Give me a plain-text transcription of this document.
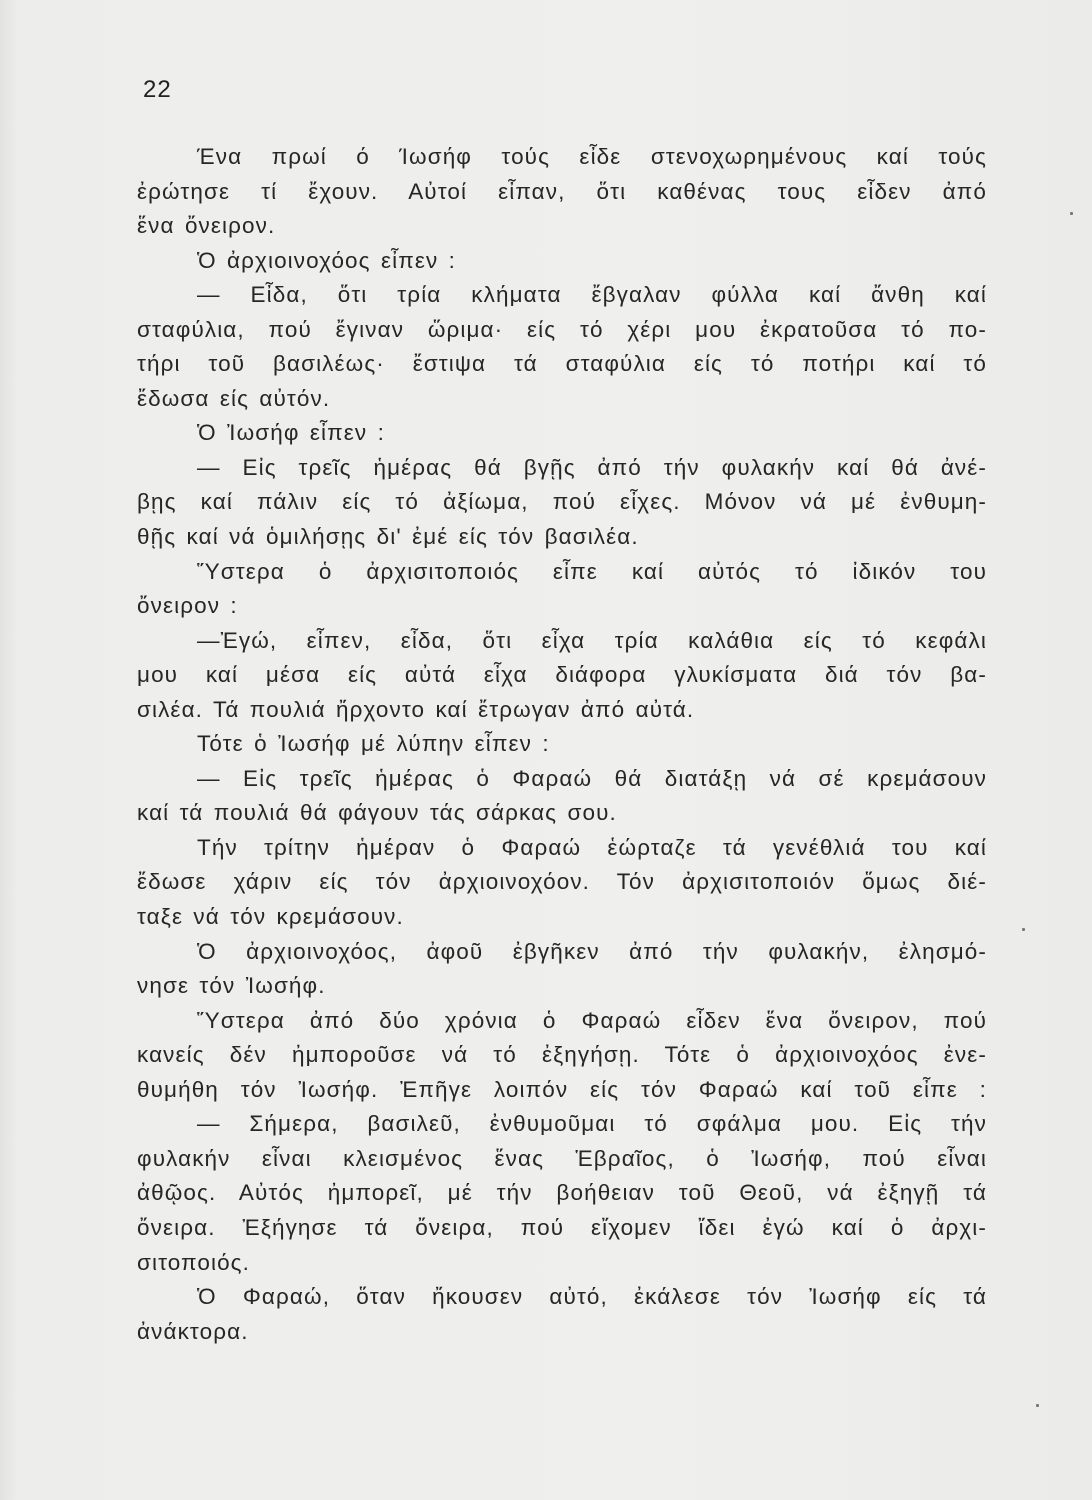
22
Ένα πρωί ό Ίωσήφ τούς εἶδε στενοχωρημένους καί τούς
ἐρώτησε τί ἔχουν. Αὐτοί εἶπαν, ὅτι καθένας τους εἶδεν ἀπό
ἕνα ὄνειρον.
Ὁ ἀρχιοινοχόος εἶπεν :
— Εἶδα, ὅτι τρία κλήματα ἔβγαλαν φύλλα καί ἄνθη καί
σταφύλια, πού ἔγιναν ὥριμα· είς τό χέρι μου ἐκρατοῦσα τό πο-
τήρι τοῦ βασιλέως· ἔστιψα τά σταφύλια είς τό ποτήρι καί τό
ἔδωσα είς αὐτόν.
Ὁ Ἰωσήφ εἶπεν :
— Εἰς τρεῖς ἡμέρας θά βγῇς ἀπό τήν φυλακήν καί θά ἀνέ-
βῃς καί πάλιν είς τό ἀξίωμα, πού εἶχες. Μόνον νά μέ ἐνθυμη-
θῇς καί νά ὁμιλήσῃς δι' ἐμέ είς τόν βασιλέα.
Ὕστερα ὁ ἀρχισιτοποιός εἶπε καί αὐτός τό ἰδικόν του
ὄνειρον :
—Ἐγώ, εἶπεν, εἶδα, ὅτι εἶχα τρία καλάθια είς τό κεφάλι
μου καί μέσα είς αὐτά εἶχα διάφορα γλυκίσματα διά τόν βα-
σιλέα. Τά πουλιά ἤρχοντο καί ἔτρωγαν ἀπό αὐτά.
Τότε ὁ Ἰωσήφ μέ λύπην εἶπεν :
— Εἰς τρεῖς ἡμέρας ὁ Φαραώ θά διατάξῃ νά σέ κρεμάσουν
καί τά πουλιά θά φάγουν τάς σάρκας σου.
Τήν τρίτην ἡμέραν ὁ Φαραώ ἑώρταζε τά γενέθλιά του καί
ἔδωσε χάριν είς τόν ἀρχιοινοχόον. Τόν ἀρχισιτοποιόν ὅμως διέ-
ταξε νά τόν κρεμάσουν.
Ὁ ἀρχιοινοχόος, ἀφοῦ ἐβγῆκεν ἀπό τήν φυλακήν, ἐλησμό-
νησε τόν Ἰωσήφ.
Ὕστερα ἀπό δύο χρόνια ὁ Φαραώ εἶδεν ἕνα ὄνειρον, πού
κανείς δέν ἠμποροῦσε νά τό ἐξηγήσῃ. Τότε ὁ ἀρχιοινοχόος ἐνε-
θυμήθη τόν Ἰωσήφ. Ἐπῆγε λοιπόν είς τόν Φαραώ καί τοῦ εἶπε :
— Σήμερα, βασιλεῦ, ἐνθυμοῦμαι τό σφάλμα μου. Εἰς τήν
φυλακήν εἶναι κλεισμένος ἕνας Ἑβραῖος, ὁ Ἰωσήφ, πού εἶναι
ἀθῷος. Αὐτός ἠμπορεῖ, μέ τήν βοήθειαν τοῦ Θεοῦ, νά ἐξηγῇ τά
ὄνειρα. Ἐξήγησε τά ὄνειρα, πού εἴχομεν ἴδει ἐγώ καί ὁ ἀρχι-
σιτοποιός.
Ὁ Φαραώ, ὅταν ἤκουσεν αὐτό, ἐκάλεσε τόν Ἰωσήφ είς τά
ἀνάκτορα.
